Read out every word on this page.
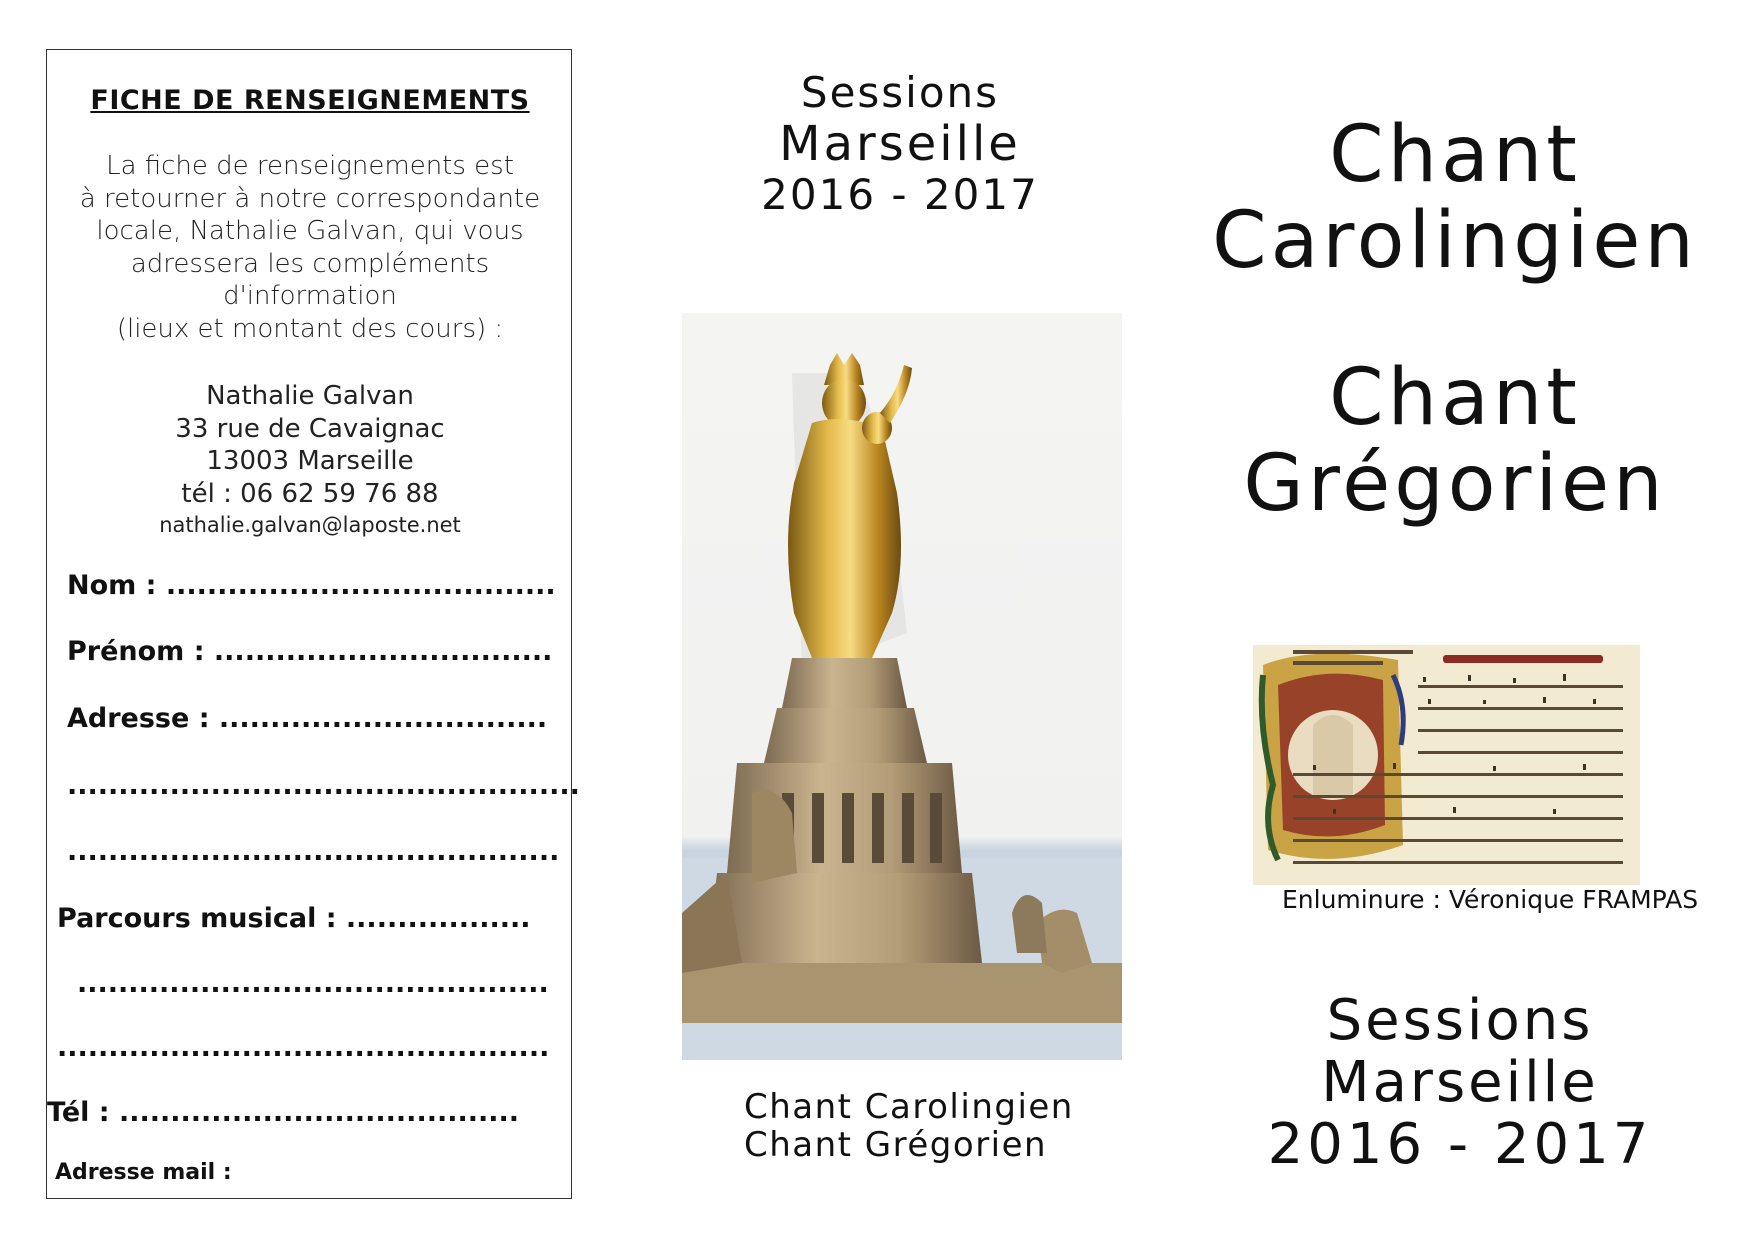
FICHE DE RENSEIGNEMENTS
La fiche de renseignements est
à retourner à notre correspondante
locale, Nathalie Galvan, qui vous
adressera les compléments
d'information
(lieux et montant des cours) :
Nathalie Galvan
33 rue de Cavaignac
13003 Marseille
tél : 06 62 59 76 88
nathalie.galvan@laposte.net
Nom : ......................................
Prénom : .................................
Adresse : ................................
..................................................
................................................
Parcours musical : ..................
..............................................
................................................
Tél : .......................................
Adresse mail :
Sessions
Marseille
2016 - 2017
Chant Carolingien
Chant Grégorien
Chant
Carolingien
Chant
Grégorien
Enluminure : Véronique FRAMPAS
Sessions
Marseille
2016 - 2017
